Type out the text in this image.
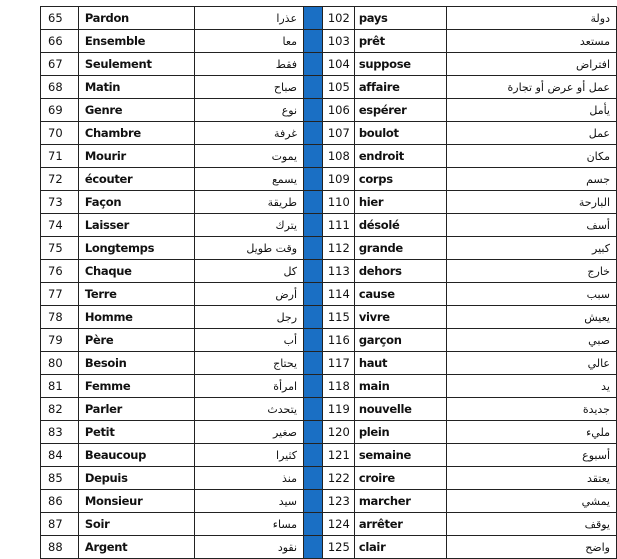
65	Pardon	عذرا		102	pays	دولة
66	Ensemble	معا		103	prêt	مستعد
67	Seulement	فقط		104	suppose	افتراض
68	Matin	صباح		105	affaire	عمل أو عرض أو تجارة
69	Genre	نوع		106	espérer	يأمل
70	Chambre	غرفة		107	boulot	عمل
71	Mourir	يموت		108	endroit	مكان
72	écouter	يسمع		109	corps	جسم
73	Façon	طريقة		110	hier	البارحة
74	Laisser	يترك		111	désolé	أسف
75	Longtemps	وقت طويل		112	grande	كبير
76	Chaque	كل		113	dehors	خارج
77	Terre	أرض		114	cause	سبب
78	Homme	رجل		115	vivre	يعيش
79	Père	أب		116	garçon	صبي
80	Besoin	يحتاج		117	haut	عالي
81	Femme	امرأة		118	main	يد
82	Parler	يتحدث		119	nouvelle	جديدة
83	Petit	صغير		120	plein	مليء
84	Beaucoup	كثيرا		121	semaine	أسبوع
85	Depuis	منذ		122	croire	يعتقد
86	Monsieur	سيد		123	marcher	يمشي
87	Soir	مساء		124	arrêter	يوقف
88	Argent	نقود		125	clair	واضح
